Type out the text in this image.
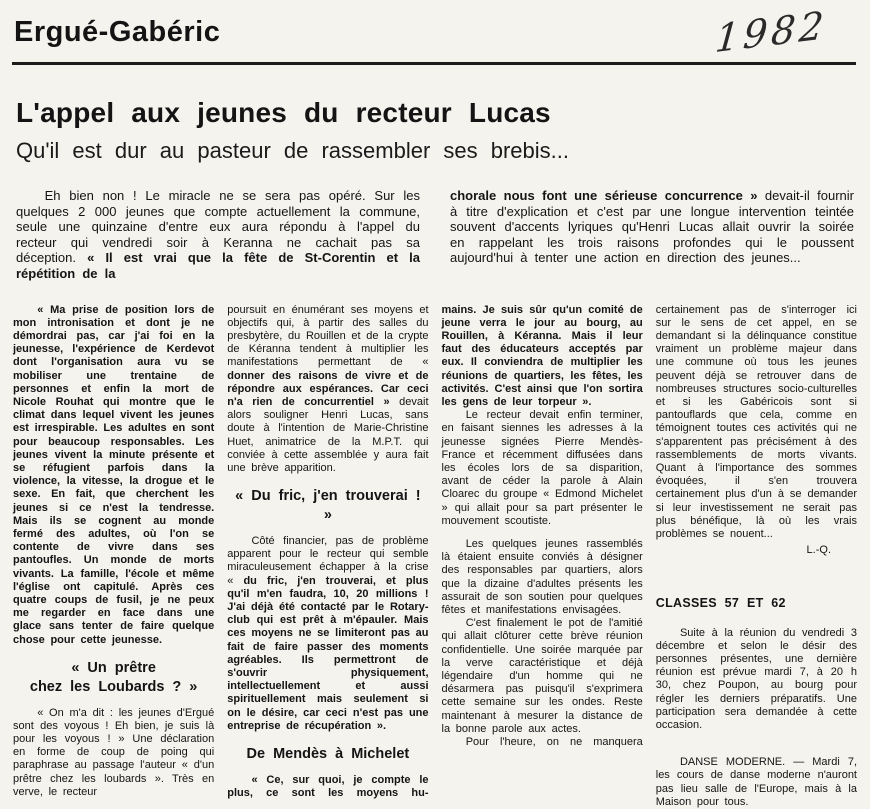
Ergué-Gabéric	1982
L'appel aux jeunes du recteur Lucas
Qu'il est dur au pasteur de rassembler ses brebis...
Eh bien non ! Le miracle ne se sera pas opéré. Sur les quelques 2 000 jeunes que compte actuellement la commune, seule une quinzaine d'entre eux aura répondu à l'appel du recteur qui vendredi soir à Keranna ne cachait pas sa déception. « Il est vrai que la fête de St-Corentin et la répétition de la
chorale nous font une sérieuse concurrence » devait-il fournir à titre d'explication et c'est par une longue intervention teintée souvent d'accents lyriques qu'Henri Lucas allait ouvrir la soirée en rappelant les trois raisons profondes qui le poussent aujourd'hui à tenter une action en direction des jeunes...

« Ma prise de position lors de mon intronisation et dont je ne démordrai pas, car j'ai foi en la jeunesse, l'expérience de Kerdevot dont l'organisation aura vu se mobiliser une trentaine de personnes et enfin la mort de Nicole Rouhat qui montre que le climat dans lequel vivent les jeunes est irrespirable. Les adultes en sont pour beaucoup responsables. Les jeunes vivent la minute présente et se réfugient parfois dans la violence, la vitesse, la drogue et le sexe. En fait, que cherchent les jeunes si ce n'est la tendresse. Mais ils se cognent au monde fermé des adultes, où l'on se contente de vivre dans ses pantoufles. Un monde de morts vivants. La famille, l'école et même l'église ont capitulé. Après ces quatre coups de fusil, je ne peux me regarder en face dans une glace sans tenter de faire quelque chose pour cette jeunesse.

« Un prêtre
chez les Loubards ? »

« On m'a dit : les jeunes d'Ergué sont des voyous ! Eh bien, je suis là pour les voyous ! » Une déclaration en forme de coup de poing qui paraphrase au passage l'auteur « d'un prêtre chez les loubards ». Très en verve, le recteur

poursuit en énumérant ses moyens et objectifs qui, à partir des salles du presbytère, du Rouillen et de la crypte de Kéranna tendent à multiplier les manifestations permettant de « donner des raisons de vivre et de répondre aux espérances. Car ceci n'a rien de concurrentiel » devait alors souligner Henri Lucas, sans doute à l'intention de Marie-Christine Huet, animatrice de la M.P.T. qui conviée à cette assemblée y aura fait une brève apparition.

« Du fric, j'en trouverai ! »

Côté financier, pas de problème apparent pour le recteur qui semble miraculeusement échapper à la crise « du fric, j'en trouverai, et plus qu'il m'en faudra, 10, 20 millions ! J'ai déjà été contacté par le Rotary-club qui est prêt à m'épauler. Mais ces moyens ne se limiteront pas au fait de faire passer des moments agréables. Ils permettront de s'ouvrir physiquement, intellectuellement et aussi spirituellement mais seulement si on le désire, car ceci n'est pas une entreprise de récupération ».

De Mendès à Michelet

« Ce, sur quoi, je compte le plus, ce sont les moyens hu-

mains. Je suis sûr qu'un comité de jeune verra le jour au bourg, au Rouillen, à Kéranna. Mais il leur faut des éducateurs acceptés par eux. Il conviendra de multiplier les réunions de quartiers, les fêtes, les activités. C'est ainsi que l'on sortira les gens de leur torpeur ».

Le recteur devait enfin terminer, en faisant siennes les adresses à la jeunesse signées Pierre Mendès-France et récemment diffusées dans les écoles lors de sa disparition, avant de céder la parole à Alain Cloarec du groupe « Edmond Michelet » qui allait pour sa part présenter le mouvement scoutiste.

Les quelques jeunes rassemblés là étaient ensuite conviés à désigner des responsables par quartiers, alors que la dizaine d'adultes présents les assurait de son soutien pour quelques fêtes et manifestations envisagées.

C'est finalement le pot de l'amitié qui allait clôturer cette brève réunion confidentielle. Une soirée marquée par la verve caractéristique et déjà légendaire d'un homme qui ne désarmera pas puisqu'il s'exprimera cette semaine sur les ondes. Reste maintenant à mesurer la distance de la bonne parole aux actes.

Pour l'heure, on ne manquera

certainement pas de s'interroger ici sur le sens de cet appel, en se demandant si la délinquance constitue vraiment un problème majeur dans une commune où tous les jeunes peuvent déjà se retrouver dans de nombreuses structures socio-culturelles et si les Gabéricois sont si pantouflards que cela, comme en témoignent toutes ces activités qui ne s'apparentent pas précisément à des rassemblements de morts vivants. Quant à l'importance des sommes évoquées, il s'en trouvera certainement plus d'un à se demander si leur investissement ne serait pas plus bénéfique, là où les vrais problèmes se nouent...

L.-Q.

CLASSES 57 ET 62

Suite à la réunion du vendredi 3 décembre et selon le désir des personnes présentes, une dernière réunion est prévue mardi 7, à 20 h 30, chez Poupon, au bourg pour régler les derniers préparatifs. Une participation sera demandée à cette occasion.

DANSE MODERNE. — Mardi 7, les cours de danse moderne n'auront pas lieu salle de l'Europe, mais à la Maison pour tous.
